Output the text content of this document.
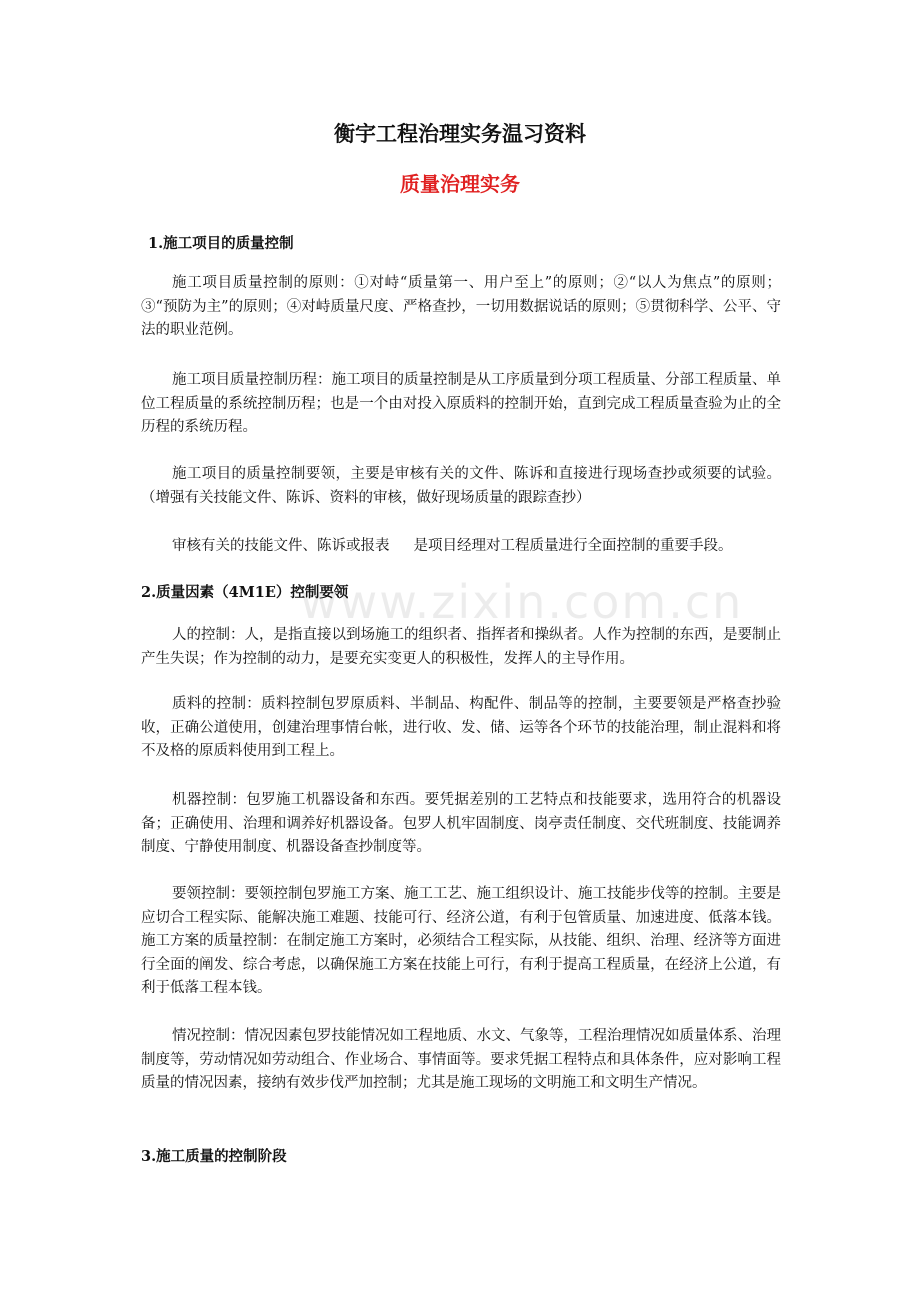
www.zixin.com.cn
衡宇工程治理实务温习资料
质量治理实务
1.施工项目的质量控制
施工项目质量控制的原则：①对峙“质量第一、用户至上”的原则；②“以人为焦点”的原则；③“预防为主”的原则；④对峙质量尺度、严格查抄，一切用数据说话的原则；⑤贯彻科学、公平、守法的职业范例。
施工项目质量控制历程：施工项目的质量控制是从工序质量到分项工程质量、分部工程质量、单位工程质量的系统控制历程；也是一个由对投入原质料的控制开始，直到完成工程质量查验为止的全历程的系统历程。
施工项目的质量控制要领，主要是审核有关的文件、陈诉和直接进行现场查抄或须要的试验。（增强有关技能文件、陈诉、资料的审核，做好现场质量的跟踪查抄）
审核有关的技能文件、陈诉或报表 是项目经理对工程质量进行全面控制的重要手段。
2.质量因素（4M1E）控制要领
人的控制：人，是指直接以到场施工的组织者、指挥者和操纵者。人作为控制的东西，是要制止产生失误；作为控制的动力，是要充实变更人的积极性，发挥人的主导作用。
质料的控制：质料控制包罗原质料、半制品、构配件、制品等的控制，主要要领是严格查抄验收，正确公道使用，创建治理事情台帐，进行收、发、储、运等各个环节的技能治理，制止混料和将不及格的原质料使用到工程上。
机器控制：包罗施工机器设备和东西。要凭据差别的工艺特点和技能要求，选用符合的机器设备；正确使用、治理和调养好机器设备。包罗人机牢固制度、岗亭责任制度、交代班制度、技能调养制度、宁静使用制度、机器设备查抄制度等。
要领控制：要领控制包罗施工方案、施工工艺、施工组织设计、施工技能步伐等的控制。主要是应切合工程实际、能解决施工难题、技能可行、经济公道，有利于包管质量、加速进度、低落本钱。施工方案的质量控制：在制定施工方案时，必须结合工程实际，从技能、组织、治理、经济等方面进行全面的阐发、综合考虑，以确保施工方案在技能上可行，有利于提高工程质量，在经济上公道，有利于低落工程本钱。
情况控制：情况因素包罗技能情况如工程地质、水文、气象等，工程治理情况如质量体系、治理制度等，劳动情况如劳动组合、作业场合、事情面等。要求凭据工程特点和具体条件，应对影响工程质量的情况因素，接纳有效步伐严加控制；尤其是施工现场的文明施工和文明生产情况。
3.施工质量的控制阶段
